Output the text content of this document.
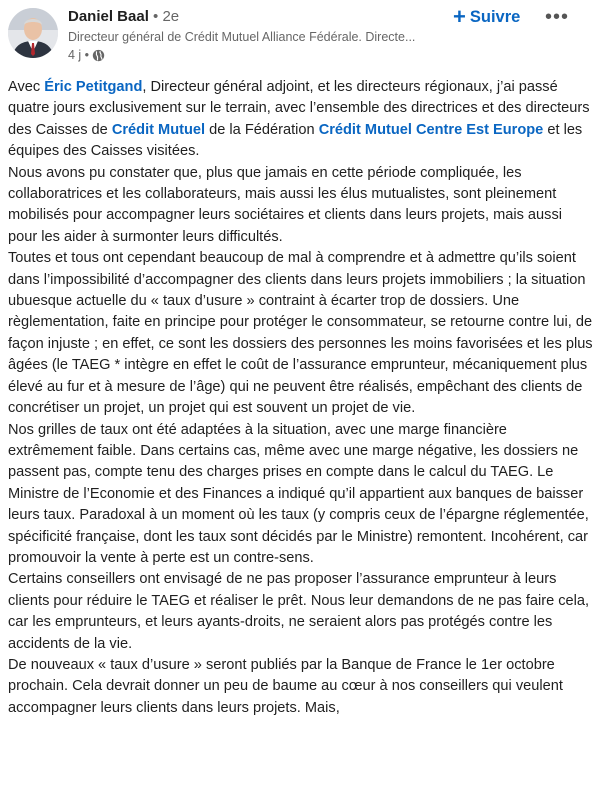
Daniel Baal • 2e
Directeur général de Crédit Mutuel Alliance Fédérale. Directe...
4 j •
+ Suivre •••

Avec Éric Petitgand, Directeur général adjoint, et les directeurs régionaux, j’ai passé quatre jours exclusivement sur le terrain, avec l’ensemble des directrices et des directeurs des Caisses de Crédit Mutuel de la Fédération Crédit Mutuel Centre Est Europe et les équipes des Caisses visitées.

Nous avons pu constater que, plus que jamais en cette période compliquée, les collaboratrices et les collaborateurs, mais aussi les élus mutualistes, sont pleinement mobilisés pour accompagner leurs sociétaires et clients dans leurs projets, mais aussi pour les aider à surmonter leurs difficultés.

Toutes et tous ont cependant beaucoup de mal à comprendre et à admettre qu’ils soient dans l’impossibilité d’accompagner des clients dans leurs projets immobiliers ; la situation ubuesque actuelle du « taux d’usure » contraint à écarter trop de dossiers. Une règlementation, faite en principe pour protéger le consommateur, se retourne contre lui, de façon injuste ; en effet, ce sont les dossiers des personnes les moins favorisées et les plus âgées (le TAEG * intègre en effet le coût de l’assurance emprunteur, mécaniquement plus élevé au fur et à mesure de l’âge) qui ne peuvent être réalisés, empêchant des clients de concrétiser un projet, un projet qui est souvent un projet de vie.

Nos grilles de taux ont été adaptées à la situation, avec une marge financière extrêmement faible. Dans certains cas, même avec une marge négative, les dossiers ne passent pas, compte tenu des charges prises en compte dans le calcul du TAEG. Le Ministre de l’Economie et des Finances a indiqué qu’il appartient aux banques de baisser leurs taux. Paradoxal à un moment où les taux (y compris ceux de l’épargne réglementée, spécificité française, dont les taux sont décidés par le Ministre) remontent. Incohérent, car promouvoir la vente à perte est un contre-sens.

Certains conseillers ont envisagé de ne pas proposer l’assurance emprunteur à leurs clients pour réduire le TAEG et réaliser le prêt. Nous leur demandons de ne pas faire cela, car les emprunteurs, et leurs ayants-droits, ne seraient alors pas protégés contre les accidents de la vie.

De nouveaux « taux d’usure » seront publiés par la Banque de France le 1er octobre prochain. Cela devrait donner un peu de baume au cœur à nos conseillers qui veulent accompagner leurs clients dans leurs projets. Mais,
